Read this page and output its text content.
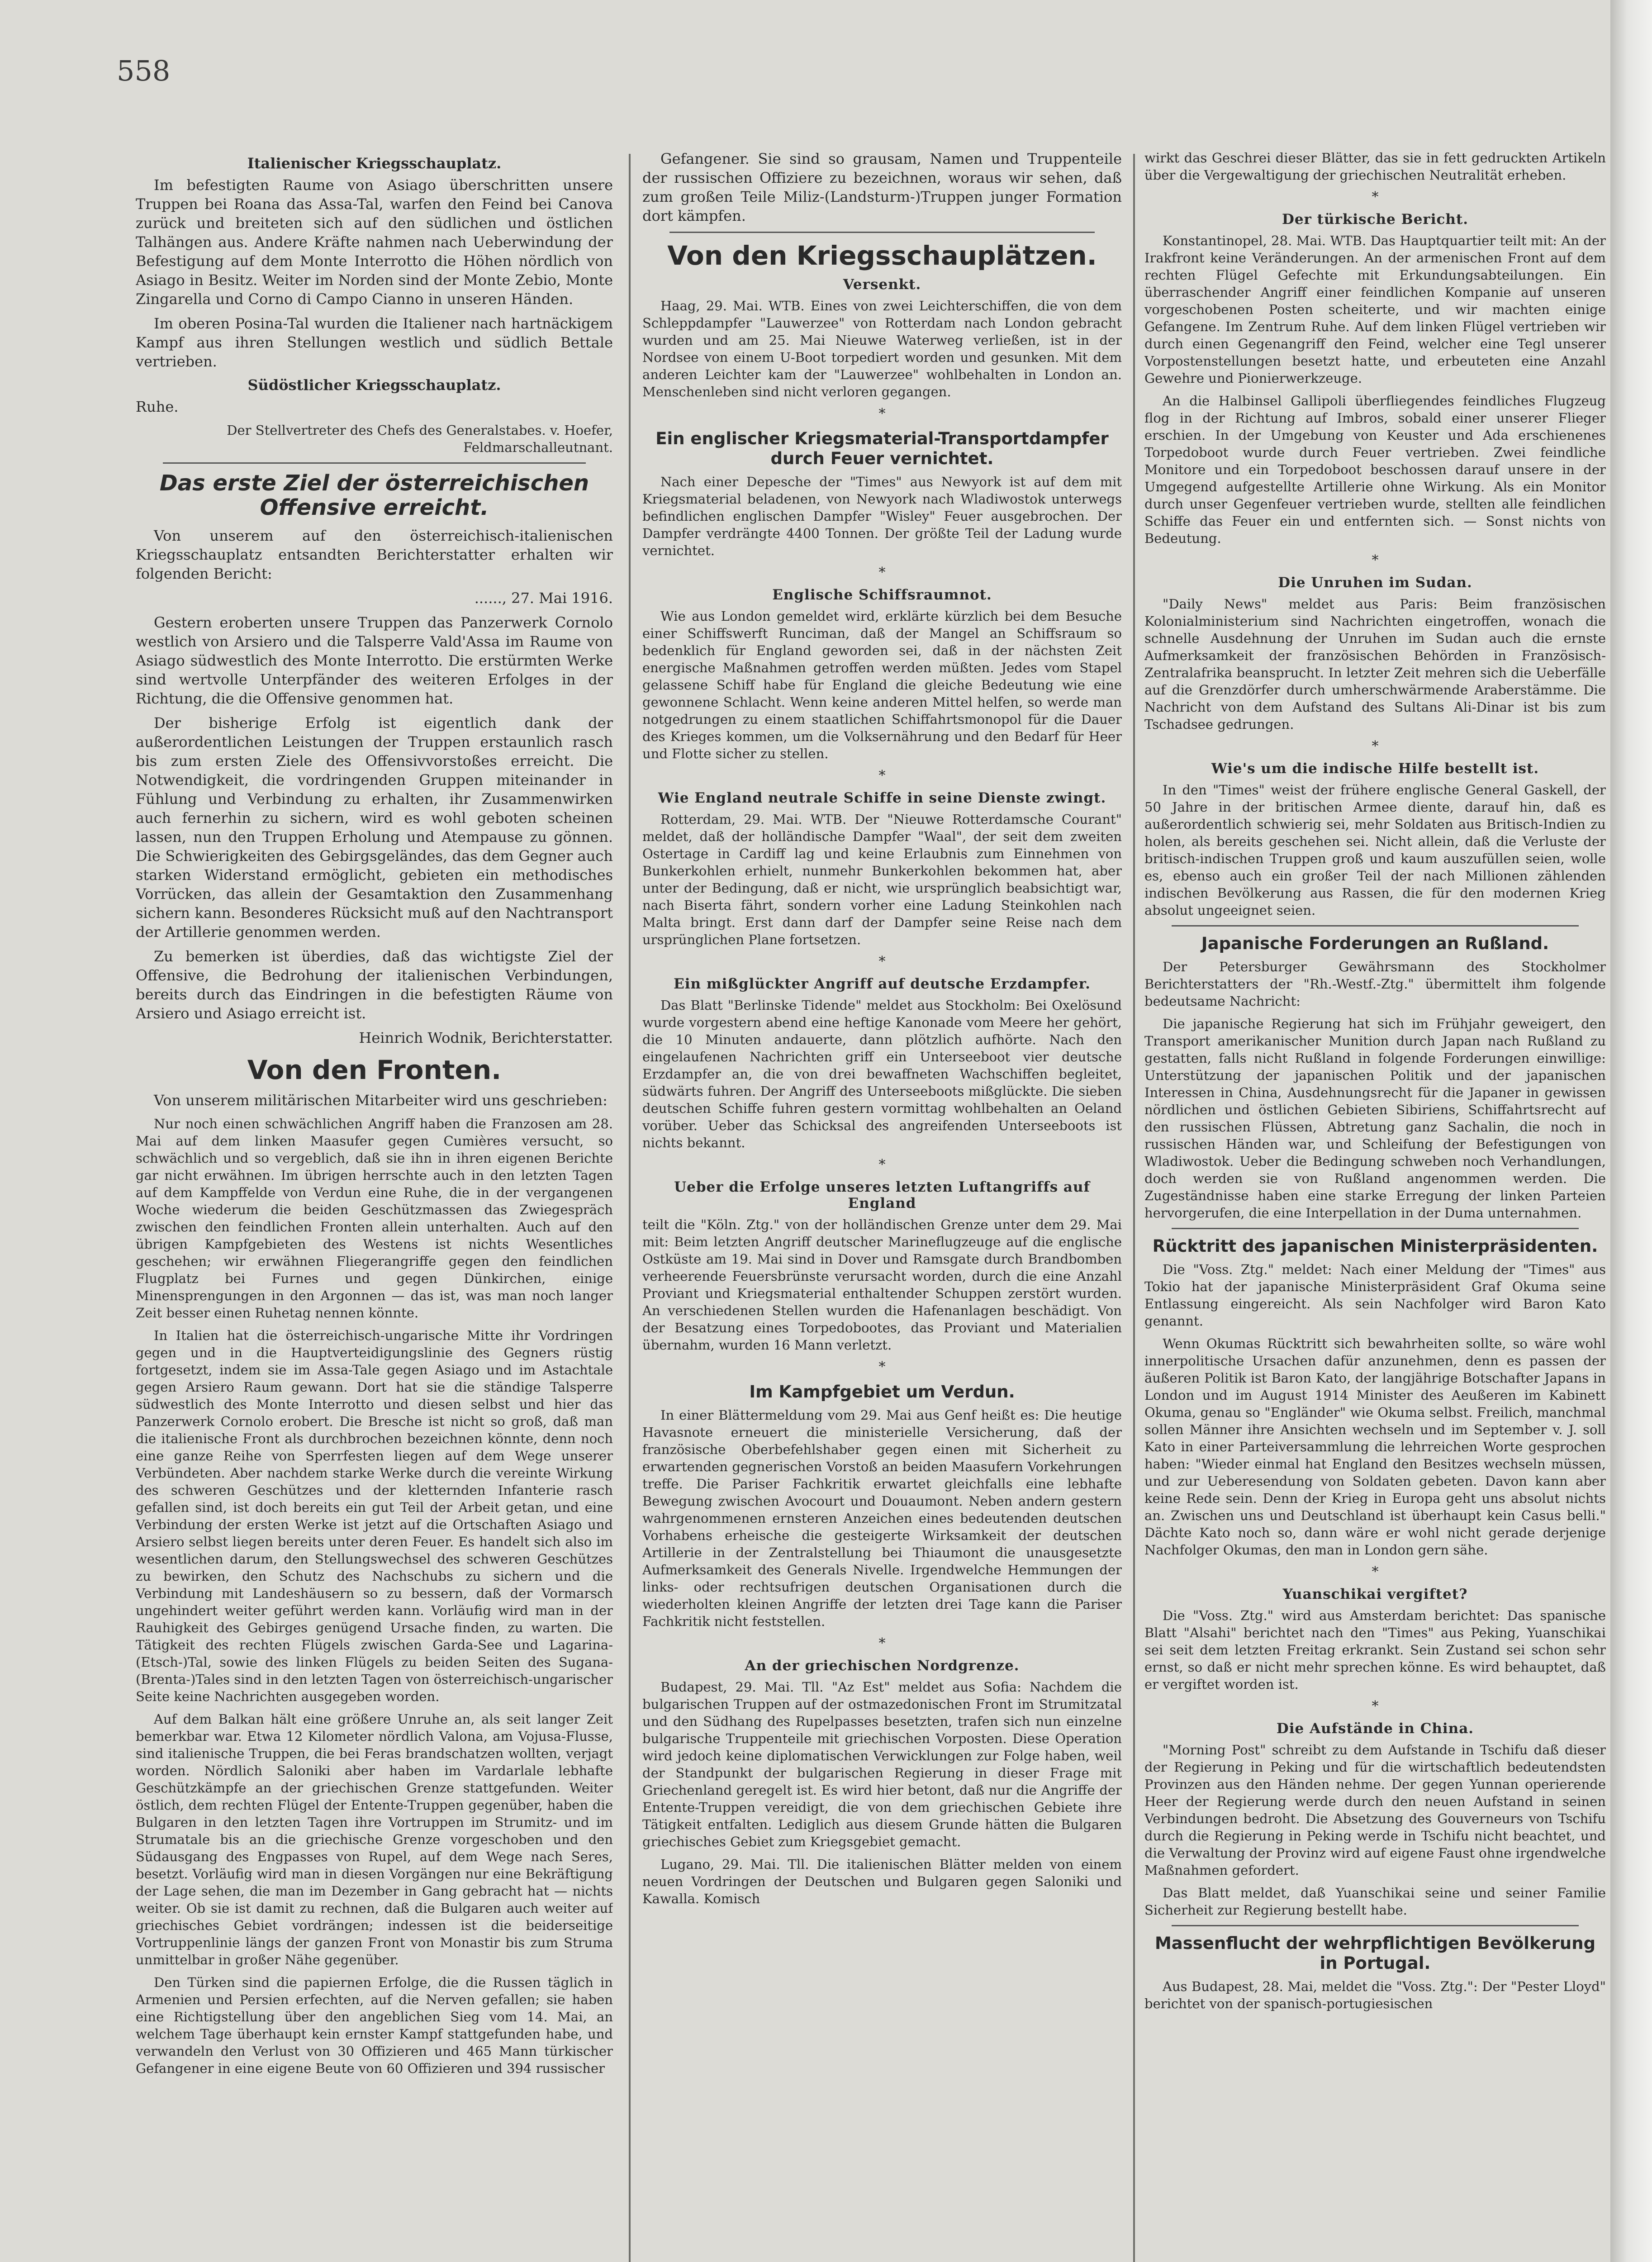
558
Italienischer Kriegsschauplatz.

Im befestigten Raume von Asiago überschritten unsere Truppen bei Roana das Assa-Tal, warfen den Feind bei Canova zurück und breiteten sich auf den südlichen und östlichen Talhängen aus. Andere Kräfte nahmen nach Ueberwindung der Befestigung auf dem Monte Interrotto die Höhen nördlich von Asiago in Besitz. Weiter im Norden sind der Monte Zebio, Monte Zingarella und Corno di Campo Cianno in unseren Händen.

Im oberen Posina-Tal wurden die Italiener nach hartnäckigem Kampf aus ihren Stellungen westlich und südlich Bettale vertrieben.

Südöstlicher Kriegsschauplatz.

Ruhe.

Der Stellvertreter des Chefs des Generalstabes. v. Hoefer, Feldmarschalleutnant.

Das erste Ziel der österreichischen Offensive erreicht.

Von unserem auf den österreichisch-italienischen Kriegsschauplatz entsandten Berichterstatter erhalten wir folgenden Bericht:

......, 27. Mai 1916.

Gestern eroberten unsere Truppen das Panzerwerk Cornolo westlich von Arsiero und die Talsperre Vald'Assa im Raume von Asiago südwestlich des Monte Interrotto. Die erstürmten Werke sind wertvolle Unterpfänder des weiteren Erfolges in der Richtung, die die Offensive genommen hat.

Der bisherige Erfolg ist eigentlich dank der außerordentlichen Leistungen der Truppen erstaunlich rasch bis zum ersten Ziele des Offensivvorstoßes erreicht. Die Notwendigkeit, die vordringenden Gruppen miteinander in Fühlung und Verbindung zu erhalten, ihr Zusammenwirken auch fernerhin zu sichern, wird es wohl geboten scheinen lassen, nun den Truppen Erholung und Atempause zu gönnen. Die Schwierigkeiten des Gebirgsgeländes, das dem Gegner auch starken Widerstand ermöglicht, gebieten ein methodisches Vorrücken, das allein der Gesamtaktion den Zusammenhang sichern kann. Besonderes Rücksicht muß auf den Nachtransport der Artillerie genommen werden.

Zu bemerken ist überdies, daß das wichtigste Ziel der Offensive, die Bedrohung der italienischen Verbindungen, bereits durch das Eindringen in die befestigten Räume von Arsiero und Asiago erreicht ist.

Heinrich Wodnik, Berichterstatter.

Von den Fronten.

Von unserem militärischen Mitarbeiter wird uns geschrieben:

Nur noch einen schwächlichen Angriff haben die Franzosen am 28. Mai auf dem linken Maasufer gegen Cumières versucht, so schwächlich und so vergeblich, daß sie ihn in ihren eigenen Berichte gar nicht erwähnen. Im übrigen herrschte auch in den letzten Tagen auf dem Kampffelde von Verdun eine Ruhe, die in der vergangenen Woche wiederum die beiden Geschützmassen das Zwiegespräch zwischen den feindlichen Fronten allein unterhalten. Auch auf den übrigen Kampfgebieten des Westens ist nichts Wesentliches geschehen; wir erwähnen Fliegerangriffe gegen den feindlichen Flugplatz bei Furnes und gegen Dünkirchen, einige Minensprengungen in den Argonnen — das ist, was man noch langer Zeit besser einen Ruhetag nennen könnte.

In Italien hat die österreichisch-ungarische Mitte ihr Vordringen gegen und in die Hauptverteidigungslinie des Gegners rüstig fortgesetzt, indem sie im Assa-Tale gegen Asiago und im Astachtale gegen Arsiero Raum gewann. Dort hat sie die ständige Talsperre südwestlich des Monte Interrotto und diesen selbst und hier das Panzerwerk Cornolo erobert. Die Bresche ist nicht so groß, daß man die italienische Front als durchbrochen bezeichnen könnte, denn noch eine ganze Reihe von Sperrfesten liegen auf dem Wege unserer Verbündeten. Aber nachdem starke Werke durch die vereinte Wirkung des schweren Geschützes und der kletternden Infanterie rasch gefallen sind, ist doch bereits ein gut Teil der Arbeit getan, und eine Verbindung der ersten Werke ist jetzt auf die Ortschaften Asiago und Arsiero selbst liegen bereits unter deren Feuer. Es handelt sich also im wesentlichen darum, den Stellungswechsel des schweren Geschützes zu bewirken, den Schutz des Nachschubs zu sichern und die Verbindung mit Landeshäusern so zu bessern, daß der Vormarsch ungehindert weiter geführt werden kann. Vorläufig wird man in der Rauhigkeit des Gebirges genügend Ursache finden, zu warten. Die Tätigkeit des rechten Flügels zwischen Garda-See und Lagarina-(Etsch-)Tal, sowie des linken Flügels zu beiden Seiten des Sugana-(Brenta-)Tales sind in den letzten Tagen von österreichisch-ungarischer Seite keine Nachrichten ausgegeben worden.

Auf dem Balkan hält eine größere Unruhe an, als seit langer Zeit bemerkbar war. Etwa 12 Kilometer nördlich Valona, am Vojusa-Flusse, sind italienische Truppen, die bei Feras brandschatzen wollten, verjagt worden. Nördlich Saloniki aber haben im Vardarlale lebhafte Geschützkämpfe an der griechischen Grenze stattgefunden. Weiter östlich, dem rechten Flügel der Entente-Truppen gegenüber, haben die Bulgaren in den letzten Tagen ihre Vortruppen im Strumitz- und im Strumatale bis an die griechische Grenze vorgeschoben und den Südausgang des Engpasses von Rupel, auf dem Wege nach Seres, besetzt. Vorläufig wird man in diesen Vorgängen nur eine Bekräftigung der Lage sehen, die man im Dezember in Gang gebracht hat — nichts weiter. Ob sie ist damit zu rechnen, daß die Bulgaren auch weiter auf griechisches Gebiet vordrängen; indessen ist die beiderseitige Vortruppenlinie längs der ganzen Front von Monastir bis zum Struma unmittelbar in großer Nähe gegenüber.

Den Türken sind die papiernen Erfolge, die die Russen täglich in Armenien und Persien erfechten, auf die Nerven gefallen; sie haben eine Richtigstellung über den angeblichen Sieg vom 14. Mai, an welchem Tage überhaupt kein ernster Kampf stattgefunden habe, und verwandeln den Verlust von 30 Offizieren und 465 Mann türkischer Gefangener in eine eigene Beute von 60 Offizieren und 394 russischer

Gefangener. Sie sind so grausam, Namen und Truppenteile der russischen Offiziere zu bezeichnen, woraus wir sehen, daß zum großen Teile Miliz-(Landsturm-)Truppen junger Formation dort kämpfen.

Von den Kriegsschauplätzen.
Versenkt.

Haag, 29. Mai. WTB. Eines von zwei Leichterschiffen, die von dem Schleppdampfer "Lauwerzee" von Rotterdam nach London gebracht wurden und am 25. Mai Nieuwe Waterweg verließen, ist in der Nordsee von einem U-Boot torpediert worden und gesunken. Mit dem anderen Leichter kam der "Lauwerzee" wohlbehalten in London an. Menschenleben sind nicht verloren gegangen.

*
Ein englischer Kriegsmaterial-Transportdampfer durch Feuer vernichtet.

Nach einer Depesche der "Times" aus Newyork ist auf dem mit Kriegsmaterial beladenen, von Newyork nach Wladiwostok unterwegs befindlichen englischen Dampfer "Wisley" Feuer ausgebrochen. Der Dampfer verdrängte 4400 Tonnen. Der größte Teil der Ladung wurde vernichtet.

*
Englische Schiffsraumnot.

Wie aus London gemeldet wird, erklärte kürzlich bei dem Besuche einer Schiffswerft Runciman, daß der Mangel an Schiffsraum so bedenklich für England geworden sei, daß in der nächsten Zeit energische Maßnahmen getroffen werden müßten. Jedes vom Stapel gelassene Schiff habe für England die gleiche Bedeutung wie eine gewonnene Schlacht. Wenn keine anderen Mittel helfen, so werde man notgedrungen zu einem staatlichen Schiffahrtsmonopol für die Dauer des Krieges kommen, um die Volksernährung und den Bedarf für Heer und Flotte sicher zu stellen.

*
Wie England neutrale Schiffe in seine Dienste zwingt.

Rotterdam, 29. Mai. WTB. Der "Nieuwe Rotterdamsche Courant" meldet, daß der holländische Dampfer "Waal", der seit dem zweiten Ostertage in Cardiff lag und keine Erlaubnis zum Einnehmen von Bunkerkohlen erhielt, nunmehr Bunkerkohlen bekommen hat, aber unter der Bedingung, daß er nicht, wie ursprünglich beabsichtigt war, nach Biserta fährt, sondern vorher eine Ladung Steinkohlen nach Malta bringt. Erst dann darf der Dampfer seine Reise nach dem ursprünglichen Plane fortsetzen.

*
Ein mißglückter Angriff auf deutsche Erzdampfer.

Das Blatt "Berlinske Tidende" meldet aus Stockholm: Bei Oxelösund wurde vorgestern abend eine heftige Kanonade vom Meere her gehört, die 10 Minuten andauerte, dann plötzlich aufhörte. Nach den eingelaufenen Nachrichten griff ein Unterseeboot vier deutsche Erzdampfer an, die von drei bewaffneten Wachschiffen begleitet, südwärts fuhren. Der Angriff des Unterseeboots mißglückte. Die sieben deutschen Schiffe fuhren gestern vormittag wohlbehalten an Oeland vorüber. Ueber das Schicksal des angreifenden Unterseeboots ist nichts bekannt.

*
Ueber die Erfolge unseres letzten Luftangriffs auf England

teilt die "Köln. Ztg." von der holländischen Grenze unter dem 29. Mai mit: Beim letzten Angriff deutscher Marineflugzeuge auf die englische Ostküste am 19. Mai sind in Dover und Ramsgate durch Brandbomben verheerende Feuersbrünste verursacht worden, durch die eine Anzahl Proviant und Kriegsmaterial enthaltender Schuppen zerstört wurden. An verschiedenen Stellen wurden die Hafenanlagen beschädigt. Von der Besatzung eines Torpedobootes, das Proviant und Materialien übernahm, wurden 16 Mann verletzt.

*
Im Kampfgebiet um Verdun.

In einer Blättermeldung vom 29. Mai aus Genf heißt es: Die heutige Havasnote erneuert die ministerielle Versicherung, daß der französische Oberbefehlshaber gegen einen mit Sicherheit zu erwartenden gegnerischen Vorstoß an beiden Maasufern Vorkehrungen treffe. Die Pariser Fachkritik erwartet gleichfalls eine lebhafte Bewegung zwischen Avocourt und Douaumont. Neben andern gestern wahrgenommenen ernsteren Anzeichen eines bedeutenden deutschen Vorhabens erheische die gesteigerte Wirksamkeit der deutschen Artillerie in der Zentralstellung bei Thiaumont die unausgesetzte Aufmerksamkeit des Generals Nivelle. Irgendwelche Hemmungen der links- oder rechtsufrigen deutschen Organisationen durch die wiederholten kleinen Angriffe der letzten drei Tage kann die Pariser Fachkritik nicht feststellen.

*
An der griechischen Nordgrenze.

Budapest, 29. Mai. Tll. "Az Est" meldet aus Sofia: Nachdem die bulgarischen Truppen auf der ostmazedonischen Front im Strumitzatal und den Südhang des Rupelpasses besetzten, trafen sich nun einzelne bulgarische Truppenteile mit griechischen Vorposten. Diese Operation wird jedoch keine diplomatischen Verwicklungen zur Folge haben, weil der Standpunkt der bulgarischen Regierung in dieser Frage mit Griechenland geregelt ist. Es wird hier betont, daß nur die Angriffe der Entente-Truppen vereidigt, die von dem griechischen Gebiete ihre Tätigkeit entfalten. Lediglich aus diesem Grunde hätten die Bulgaren griechisches Gebiet zum Kriegsgebiet gemacht.

Lugano, 29. Mai. Tll. Die italienischen Blätter melden von einem neuen Vordringen der Deutschen und Bulgaren gegen Saloniki und Kawalla. Komisch

wirkt das Geschrei dieser Blätter, das sie in fett gedruckten Artikeln über die Vergewaltigung der griechischen Neutralität erheben.

*
Der türkische Bericht.

Konstantinopel, 28. Mai. WTB. Das Hauptquartier teilt mit: An der Irakfront keine Veränderungen. An der armenischen Front auf dem rechten Flügel Gefechte mit Erkundungsabteilungen. Ein überraschender Angriff einer feindlichen Kompanie auf unseren vorgeschobenen Posten scheiterte, und wir machten einige Gefangene. Im Zentrum Ruhe. Auf dem linken Flügel vertrieben wir durch einen Gegenangriff den Feind, welcher eine Tegl unserer Vorpostenstellungen besetzt hatte, und erbeuteten eine Anzahl Gewehre und Pionierwerkzeuge.

An die Halbinsel Gallipoli überfliegendes feindliches Flugzeug flog in der Richtung auf Imbros, sobald einer unserer Flieger erschien. In der Umgebung von Keuster und Ada erschienenes Torpedoboot wurde durch Feuer vertrieben. Zwei feindliche Monitore und ein Torpedoboot beschossen darauf unsere in der Umgegend aufgestellte Artillerie ohne Wirkung. Als ein Monitor durch unser Gegenfeuer vertrieben wurde, stellten alle feindlichen Schiffe das Feuer ein und entfernten sich. — Sonst nichts von Bedeutung.

*
Die Unruhen im Sudan.

"Daily News" meldet aus Paris: Beim französischen Kolonialministerium sind Nachrichten eingetroffen, wonach die schnelle Ausdehnung der Unruhen im Sudan auch die ernste Aufmerksamkeit der französischen Behörden in Französisch-Zentralafrika beansprucht. In letzter Zeit mehren sich die Ueberfälle auf die Grenzdörfer durch umherschwärmende Araberstämme. Die Nachricht von dem Aufstand des Sultans Ali-Dinar ist bis zum Tschadsee gedrungen.

*
Wie's um die indische Hilfe bestellt ist.

In den "Times" weist der frühere englische General Gaskell, der 50 Jahre in der britischen Armee diente, darauf hin, daß es außerordentlich schwierig sei, mehr Soldaten aus Britisch-Indien zu holen, als bereits geschehen sei. Nicht allein, daß die Verluste der britisch-indischen Truppen groß und kaum auszufüllen seien, wolle es, ebenso auch ein großer Teil der nach Millionen zählenden indischen Bevölkerung aus Rassen, die für den modernen Krieg absolut ungeeignet seien.

Japanische Forderungen an Rußland.

Der Petersburger Gewährsmann des Stockholmer Berichterstatters der "Rh.-Westf.-Ztg." übermittelt ihm folgende bedeutsame Nachricht:

Die japanische Regierung hat sich im Frühjahr geweigert, den Transport amerikanischer Munition durch Japan nach Rußland zu gestatten, falls nicht Rußland in folgende Forderungen einwillige: Unterstützung der japanischen Politik und der japanischen Interessen in China, Ausdehnungsrecht für die Japaner in gewissen nördlichen und östlichen Gebieten Sibiriens, Schiffahrtsrecht auf den russischen Flüssen, Abtretung ganz Sachalin, die noch in russischen Händen war, und Schleifung der Befestigungen von Wladiwostok. Ueber die Bedingung schweben noch Verhandlungen, doch werden sie von Rußland angenommen werden. Die Zugeständnisse haben eine starke Erregung der linken Parteien hervorgerufen, die eine Interpellation in der Duma unternahmen.

Rücktritt des japanischen Ministerpräsidenten.

Die "Voss. Ztg." meldet: Nach einer Meldung der "Times" aus Tokio hat der japanische Ministerpräsident Graf Okuma seine Entlassung eingereicht. Als sein Nachfolger wird Baron Kato genannt.

Wenn Okumas Rücktritt sich bewahrheiten sollte, so wäre wohl innerpolitische Ursachen dafür anzunehmen, denn es passen der äußeren Politik ist Baron Kato, der langjährige Botschafter Japans in London und im August 1914 Minister des Aeußeren im Kabinett Okuma, genau so "Engländer" wie Okuma selbst. Freilich, manchmal sollen Männer ihre Ansichten wechseln und im September v. J. soll Kato in einer Parteiversammlung die lehrreichen Worte gesprochen haben: "Wieder einmal hat England den Besitzes wechseln müssen, und zur Ueberesendung von Soldaten gebeten. Davon kann aber keine Rede sein. Denn der Krieg in Europa geht uns absolut nichts an. Zwischen uns und Deutschland ist überhaupt kein Casus belli." Dächte Kato noch so, dann wäre er wohl nicht gerade derjenige Nachfolger Okumas, den man in London gern sähe.

*
Yuanschikai vergiftet?

Die "Voss. Ztg." wird aus Amsterdam berichtet: Das spanische Blatt "Alsahi" berichtet nach den "Times" aus Peking, Yuanschikai sei seit dem letzten Freitag erkrankt. Sein Zustand sei schon sehr ernst, so daß er nicht mehr sprechen könne. Es wird behauptet, daß er vergiftet worden ist.

*
Die Aufstände in China.

"Morning Post" schreibt zu dem Aufstande in Tschifu daß dieser der Regierung in Peking und für die wirtschaftlich bedeutendsten Provinzen aus den Händen nehme. Der gegen Yunnan operierende Heer der Regierung werde durch den neuen Aufstand in seinen Verbindungen bedroht. Die Absetzung des Gouverneurs von Tschifu durch die Regierung in Peking werde in Tschifu nicht beachtet, und die Verwaltung der Provinz wird auf eigene Faust ohne irgendwelche Maßnahmen gefordert.

Das Blatt meldet, daß Yuanschikai seine und seiner Familie Sicherheit zur Regierung bestellt habe.

Massenflucht der wehrpflichtigen Bevölkerung in Portugal.

Aus Budapest, 28. Mai, meldet die "Voss. Ztg.": Der "Pester Lloyd" berichtet von der spanisch-portugiesischen
